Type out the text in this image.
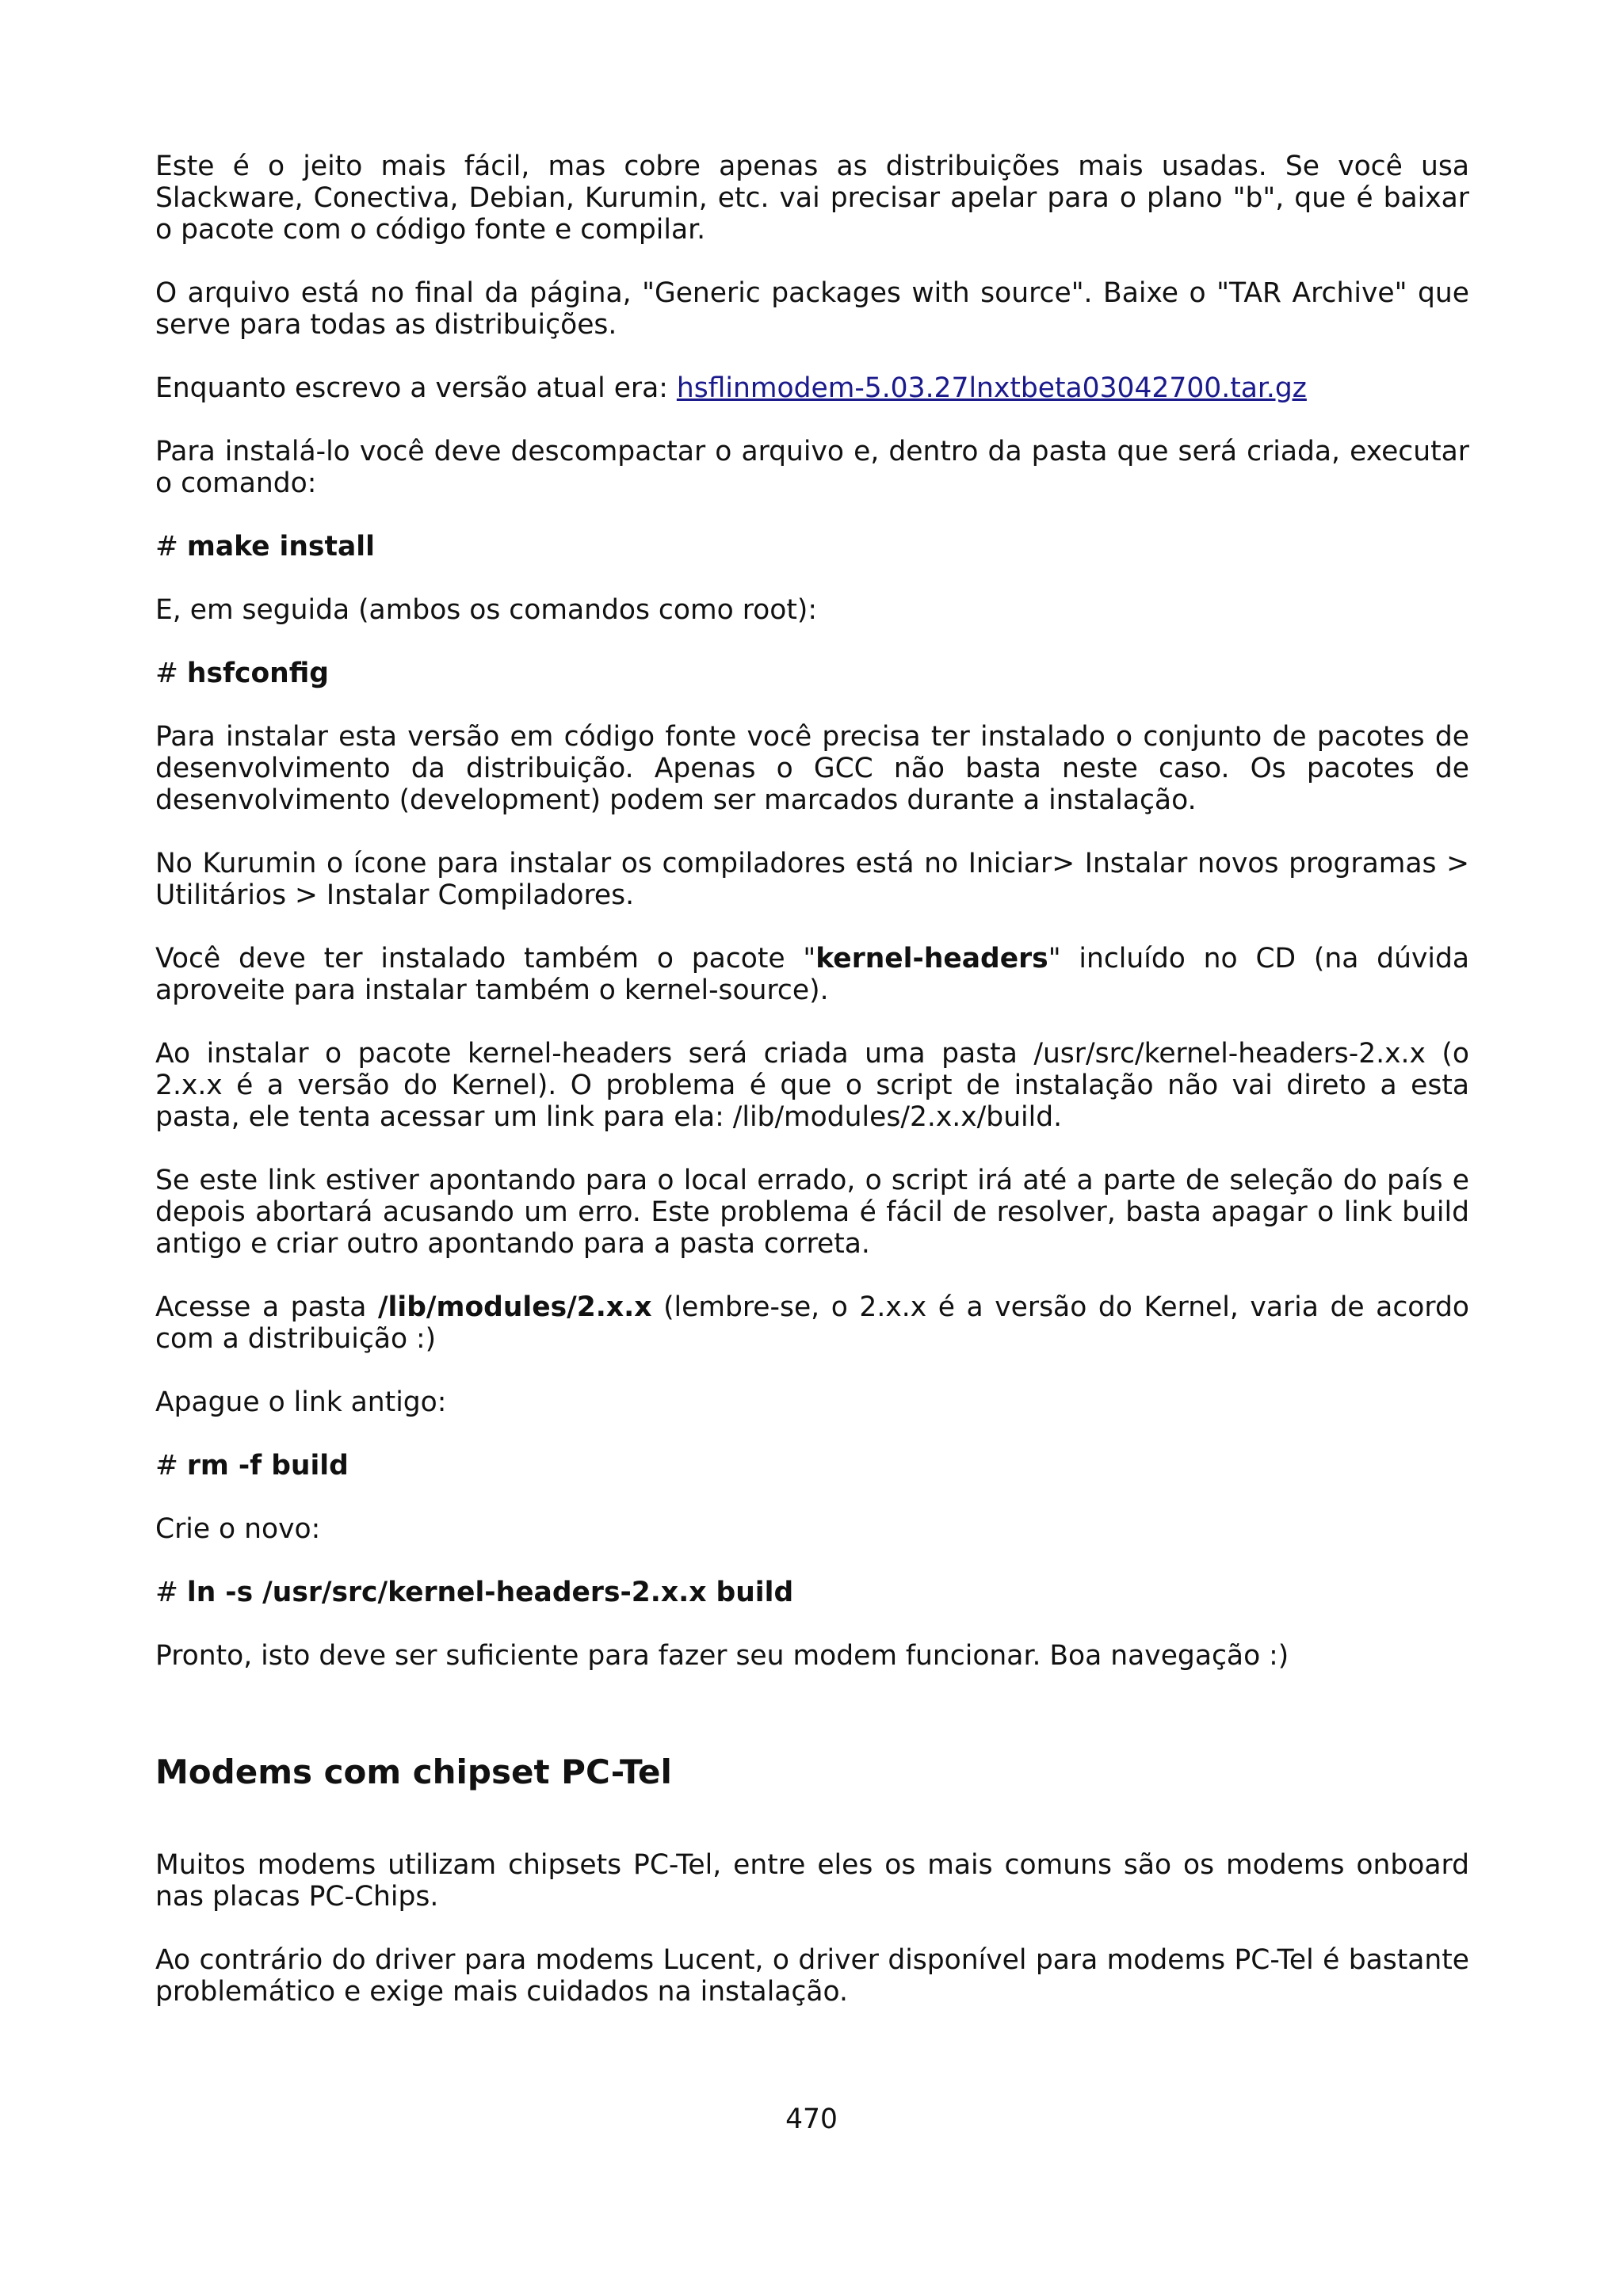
Este é o jeito mais fácil, mas cobre apenas as distribuições mais usadas. Se você usa Slackware, Conectiva, Debian, Kurumin, etc. vai precisar apelar para o plano "b", que é baixar o pacote com o código fonte e compilar.

O arquivo está no final da página, "Generic packages with source". Baixe o "TAR Archive" que serve para todas as distribuições.

Enquanto escrevo a versão atual era: hsflinmodem-5.03.27lnxtbeta03042700.tar.gz

Para instalá-lo você deve descompactar o arquivo e, dentro da pasta que será criada, executar o comando:

# make install

E, em seguida (ambos os comandos como root):

# hsfconfig

Para instalar esta versão em código fonte você precisa ter instalado o conjunto de pacotes de desenvolvimento da distribuição. Apenas o GCC não basta neste caso. Os pacotes de desenvolvimento (development) podem ser marcados durante a instalação.

No Kurumin o ícone para instalar os compiladores está no Iniciar> Instalar novos programas > Utilitários > Instalar Compiladores.

Você deve ter instalado também o pacote "kernel-headers" incluído no CD (na dúvida aproveite para instalar também o kernel-source).

Ao instalar o pacote kernel-headers será criada uma pasta /usr/src/kernel-headers-2.x.x (o 2.x.x é a versão do Kernel). O problema é que o script de instalação não vai direto a esta pasta, ele tenta acessar um link para ela: /lib/modules/2.x.x/build.

Se este link estiver apontando para o local errado, o script irá até a parte de seleção do país e depois abortará acusando um erro. Este problema é fácil de resolver, basta apagar o link build antigo e criar outro apontando para a pasta correta.

Acesse a pasta /lib/modules/2.x.x (lembre-se, o 2.x.x é a versão do Kernel, varia de acordo com a distribuição :)

Apague o link antigo:

# rm -f build

Crie o novo:

# ln -s /usr/src/kernel-headers-2.x.x build

Pronto, isto deve ser suficiente para fazer seu modem funcionar. Boa navegação :)

Modems com chipset PC-Tel

Muitos modems utilizam chipsets PC-Tel, entre eles os mais comuns são os modems onboard nas placas PC-Chips.

Ao contrário do driver para modems Lucent, o driver disponível para modems PC-Tel é bastante problemático e exige mais cuidados na instalação.

470
